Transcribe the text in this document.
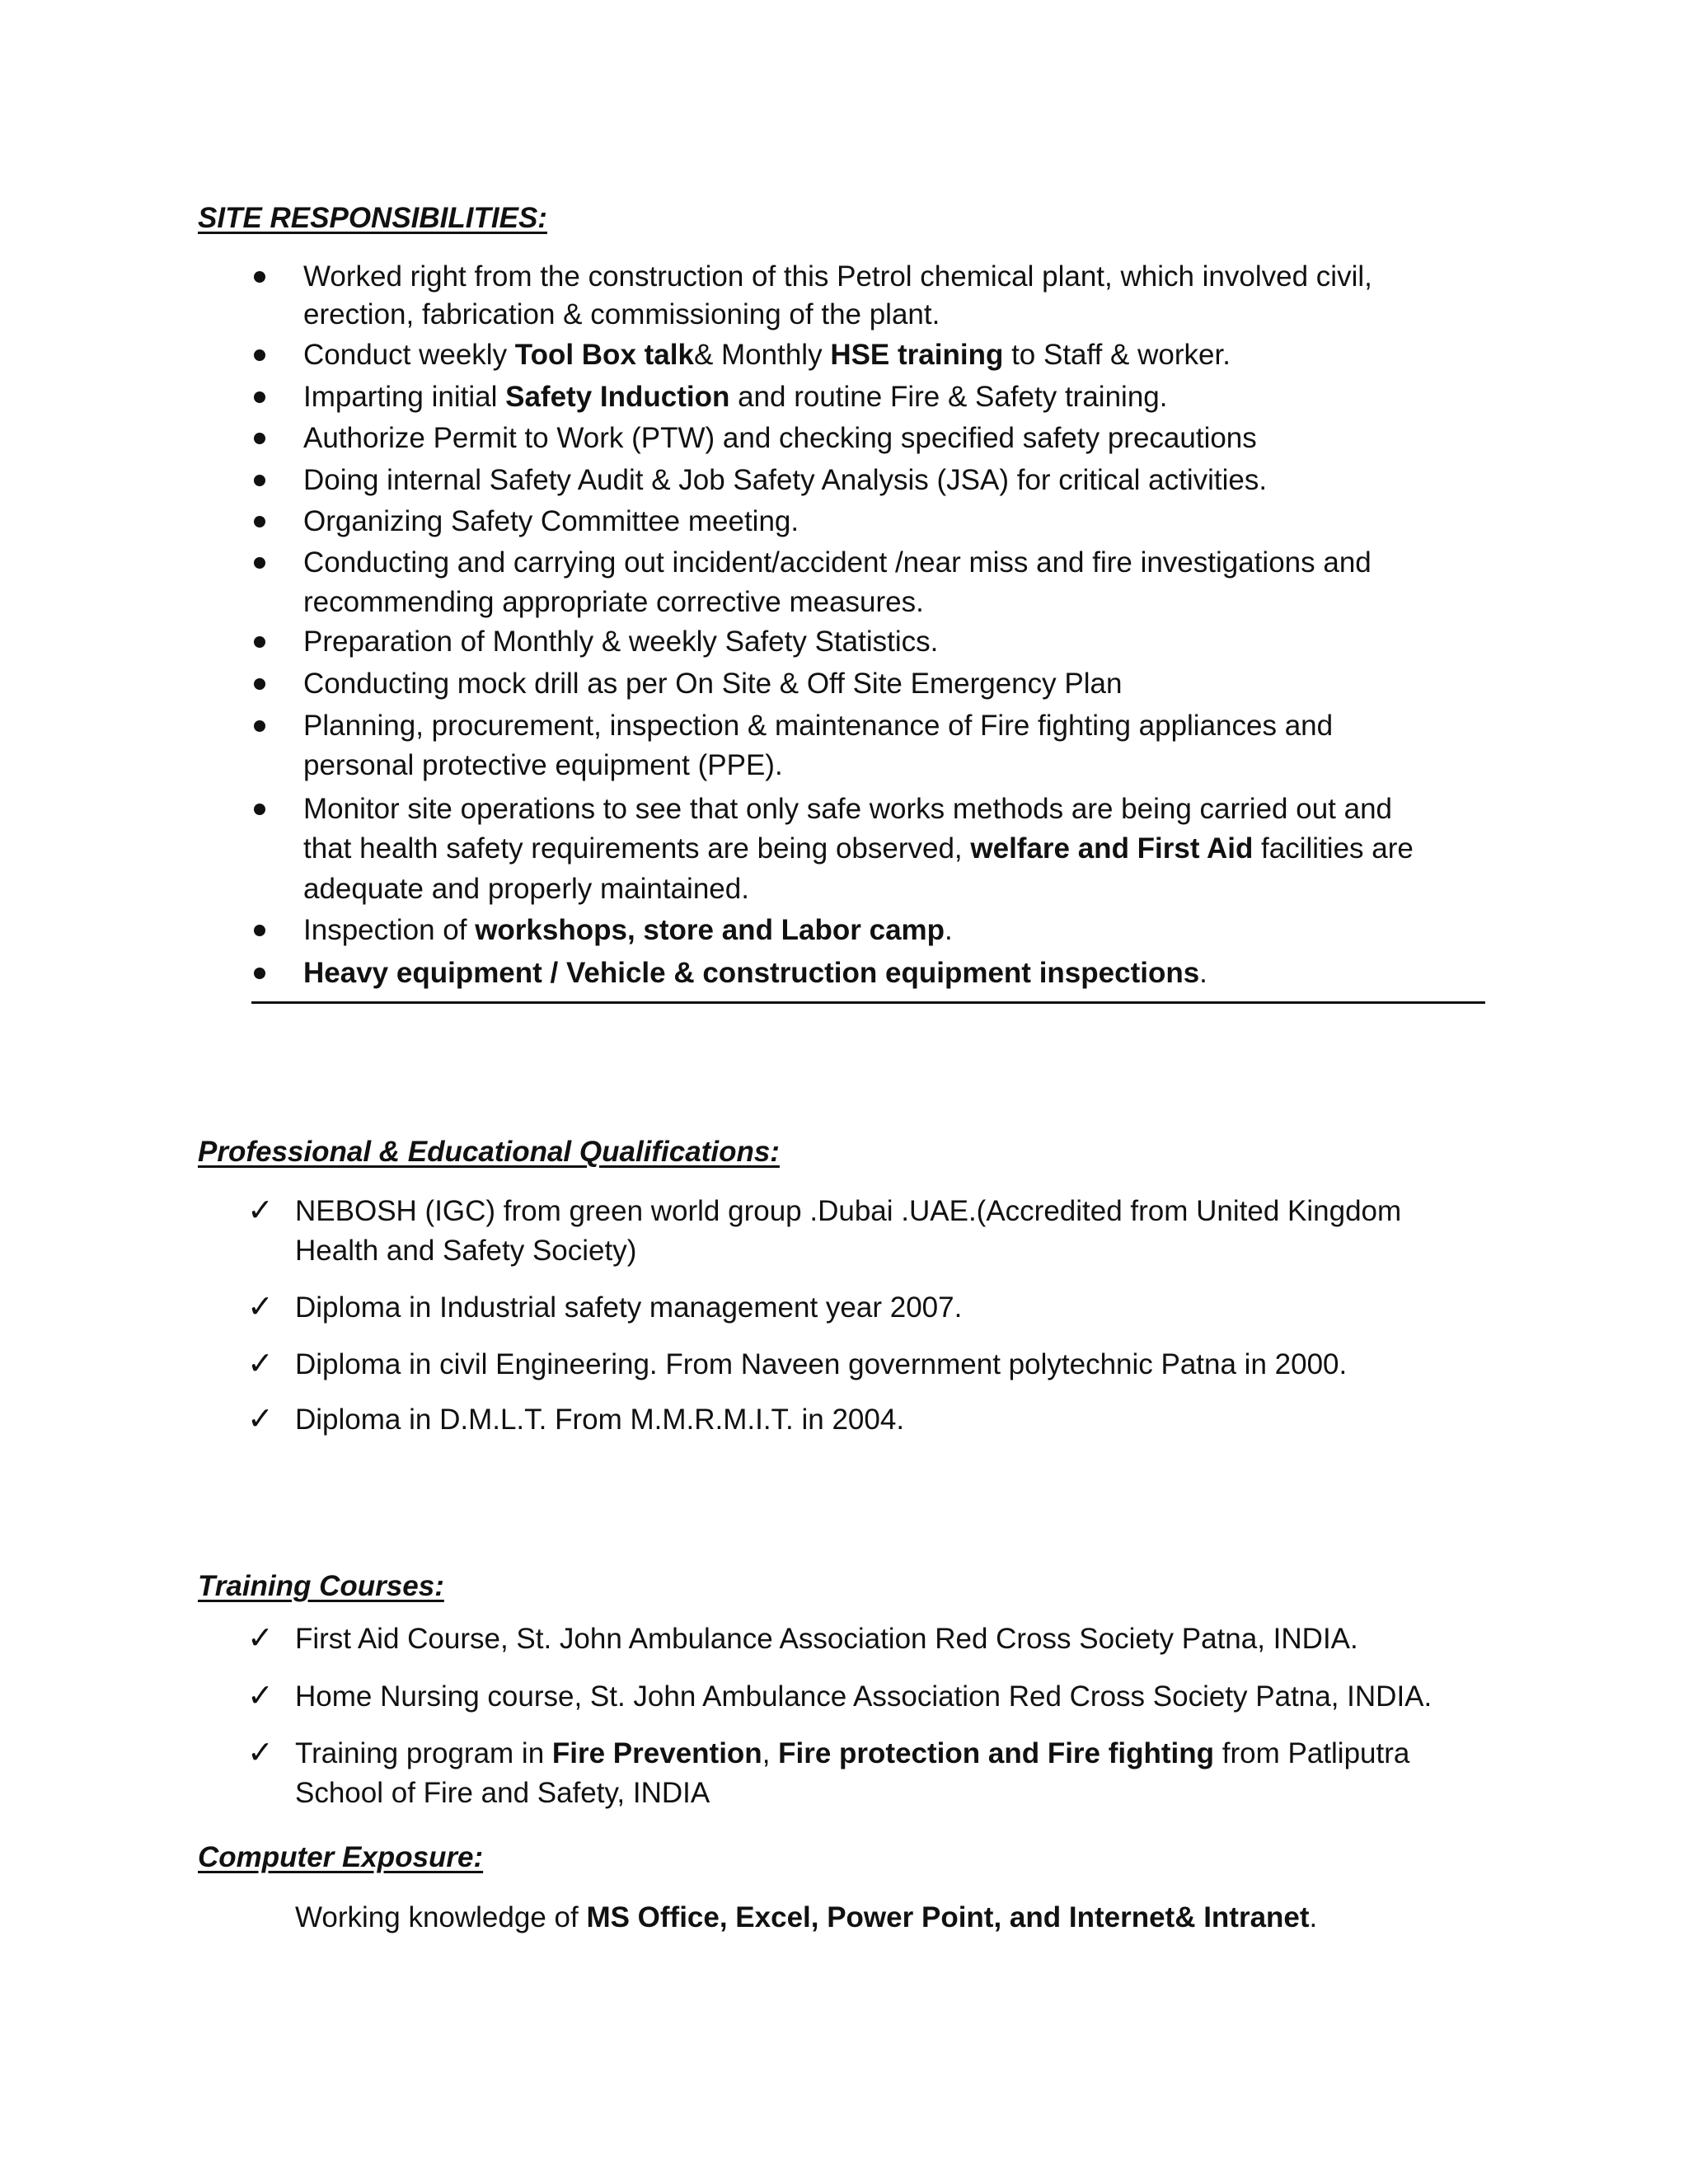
SITE RESPONSIBILITIES:
Worked right from the construction of this Petrol chemical plant, which involved civil,
erection, fabrication & commissioning of the plant.
Conduct weekly Tool Box talk& Monthly HSE training to Staff & worker.
Imparting initial Safety Induction and routine Fire & Safety training.
Authorize Permit to Work (PTW) and checking specified safety precautions
Doing internal Safety Audit & Job Safety Analysis (JSA) for critical activities.
Organizing Safety Committee meeting.
Conducting and carrying out incident/accident /near miss and fire investigations and
recommending appropriate corrective measures.
Preparation of Monthly & weekly Safety Statistics.
Conducting mock drill as per On Site & Off Site Emergency Plan
Planning, procurement, inspection & maintenance of Fire fighting appliances and
personal protective equipment (PPE).
Monitor site operations to see that only safe works methods are being carried out and
that health safety requirements are being observed, welfare and First Aid facilities are
adequate and properly maintained.
Inspection of workshops, store and Labor camp.
Heavy equipment / Vehicle & construction equipment inspections.
Professional & Educational Qualifications:
✓ NEBOSH (IGC) from green world group .Dubai .UAE.(Accredited from United Kingdom
Health and Safety Society)
✓ Diploma in Industrial safety management year 2007.
✓ Diploma in civil Engineering. From Naveen government polytechnic Patna in 2000.
✓ Diploma in D.M.L.T. From M.M.R.M.I.T. in 2004.
Training Courses:
✓ First Aid Course, St. John Ambulance Association Red Cross Society Patna, INDIA.
✓ Home Nursing course, St. John Ambulance Association Red Cross Society Patna, INDIA.
✓ Training program in Fire Prevention, Fire protection and Fire fighting from Patliputra
School of Fire and Safety, INDIA
Computer Exposure:
Working knowledge of MS Office, Excel, Power Point, and Internet& Intranet.
